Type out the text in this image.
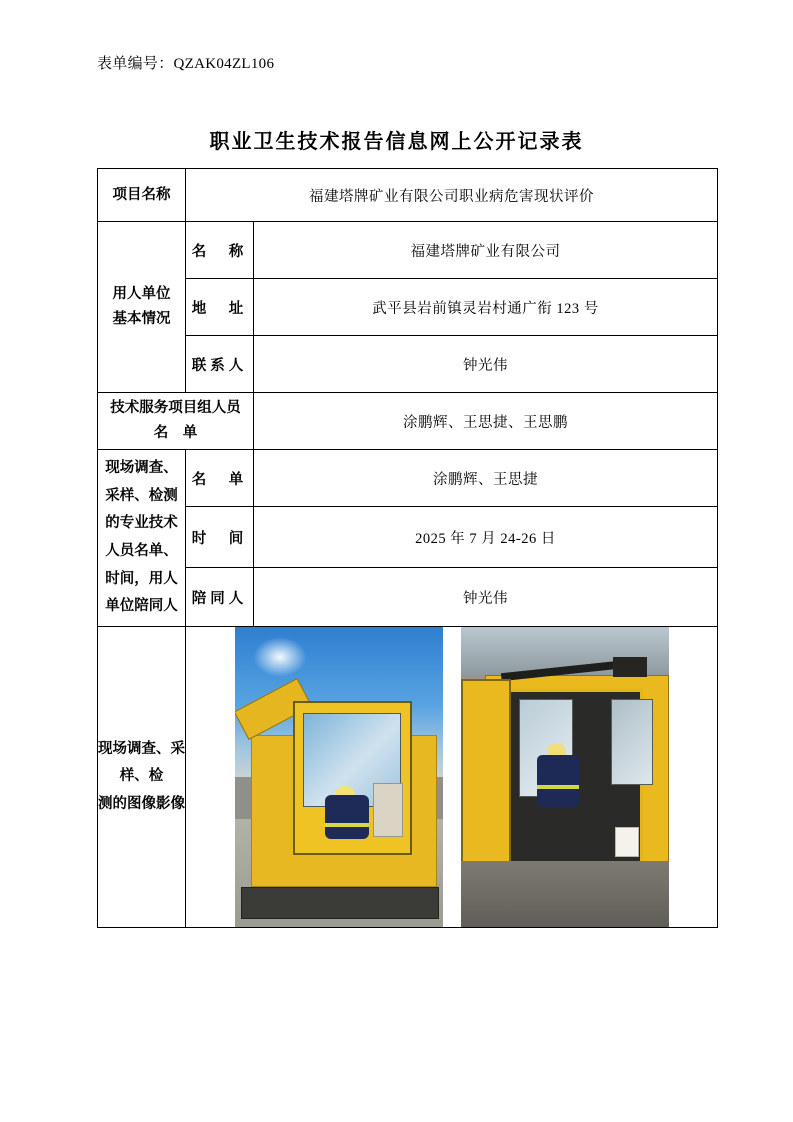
表单编号：QZAK04ZL106
职业卫生技术报告信息网上公开记录表
项目名称	福建塔牌矿业有限公司职业病危害现状评价	

用人单位
基本情况	名　称	福建塔牌矿业有限公司
	地　址	武平县岩前镇灵岩村通广衔 123 号
	联系人	钟光伟

技术服务项目组人员
名　单		涂鹏辉、王思捷、王思鹏

现场调查、
采样、检测
的专业技术
人员名单、
时间，用人
单位陪同人
	名　单	涂鹏辉、王思捷
	时　间	2025 年 7 月 24-26 日
	陪同人	钟光伟

现场调查、采样、检
测的图像影像		
